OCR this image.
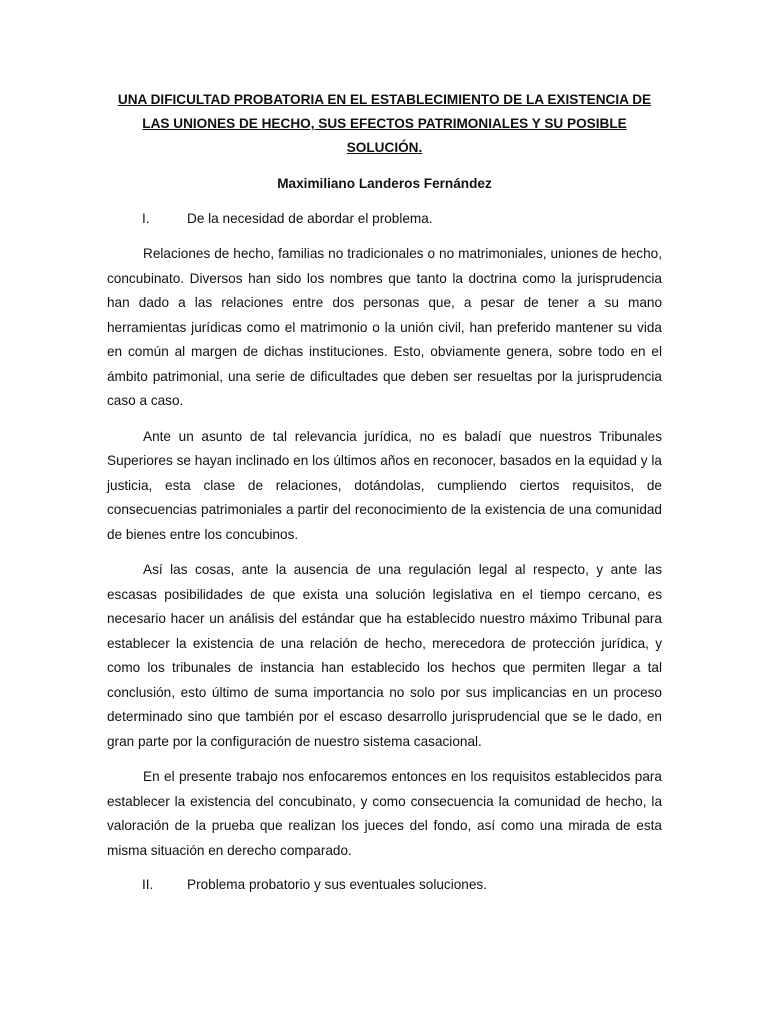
UNA DIFICULTAD PROBATORIA EN EL ESTABLECIMIENTO DE LA EXISTENCIA DE LAS UNIONES DE HECHO, SUS EFECTOS PATRIMONIALES Y SU POSIBLE SOLUCIÓN.

Maximiliano Landeros Fernández

I.	De la necesidad de abordar el problema.

Relaciones de hecho, familias no tradicionales o no matrimoniales, uniones de hecho, concubinato. Diversos han sido los nombres que tanto la doctrina como la jurisprudencia han dado a las relaciones entre dos personas que, a pesar de tener a su mano herramientas jurídicas como el matrimonio o la unión civil, han preferido mantener su vida en común al margen de dichas instituciones. Esto, obviamente genera, sobre todo en el ámbito patrimonial, una serie de dificultades que deben ser resueltas por la jurisprudencia caso a caso.

Ante un asunto de tal relevancia jurídica, no es baladí que nuestros Tribunales Superiores se hayan inclinado en los últimos años en reconocer, basados en la equidad y la justicia, esta clase de relaciones, dotándolas, cumpliendo ciertos requisitos, de consecuencias patrimoniales a partir del reconocimiento de la existencia de una comunidad de bienes entre los concubinos.

Así las cosas, ante la ausencia de una regulación legal al respecto, y ante las escasas posibilidades de que exista una solución legislativa en el tiempo cercano, es necesario hacer un análisis del estándar que ha establecido nuestro máximo Tribunal para establecer la existencia de una relación de hecho, merecedora de protección jurídica, y como los tribunales de instancia han establecido los hechos que permiten llegar a tal conclusión, esto último de suma importancia no solo por sus implicancias en un proceso determinado sino que también por el escaso desarrollo jurisprudencial que se le dado, en gran parte por la configuración de nuestro sistema casacional.

En el presente trabajo nos enfocaremos entonces en los requisitos establecidos para establecer la existencia del concubinato, y como consecuencia la comunidad de hecho, la valoración de la prueba que realizan los jueces del fondo, así como una mirada de esta misma situación en derecho comparado.

II.	Problema probatorio y sus eventuales soluciones.
